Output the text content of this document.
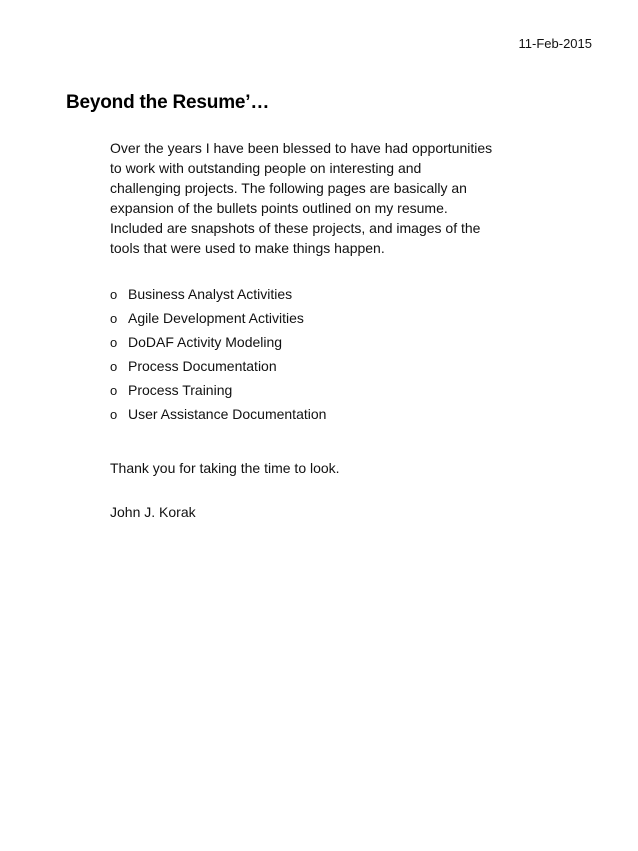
11-Feb-2015
Beyond the Resume’…

Over the years I have been blessed to have had opportunities
to work with outstanding people on interesting and
challenging projects. The following pages are basically an
expansion of the bullets points outlined on my resume.
Included are snapshots of these projects, and images of the
tools that were used to make things happen.

o Business Analyst Activities
o Agile Development Activities
o DoDAF Activity Modeling
o Process Documentation
o Process Training
o User Assistance Documentation

Thank you for taking the time to look.

John J. Korak
